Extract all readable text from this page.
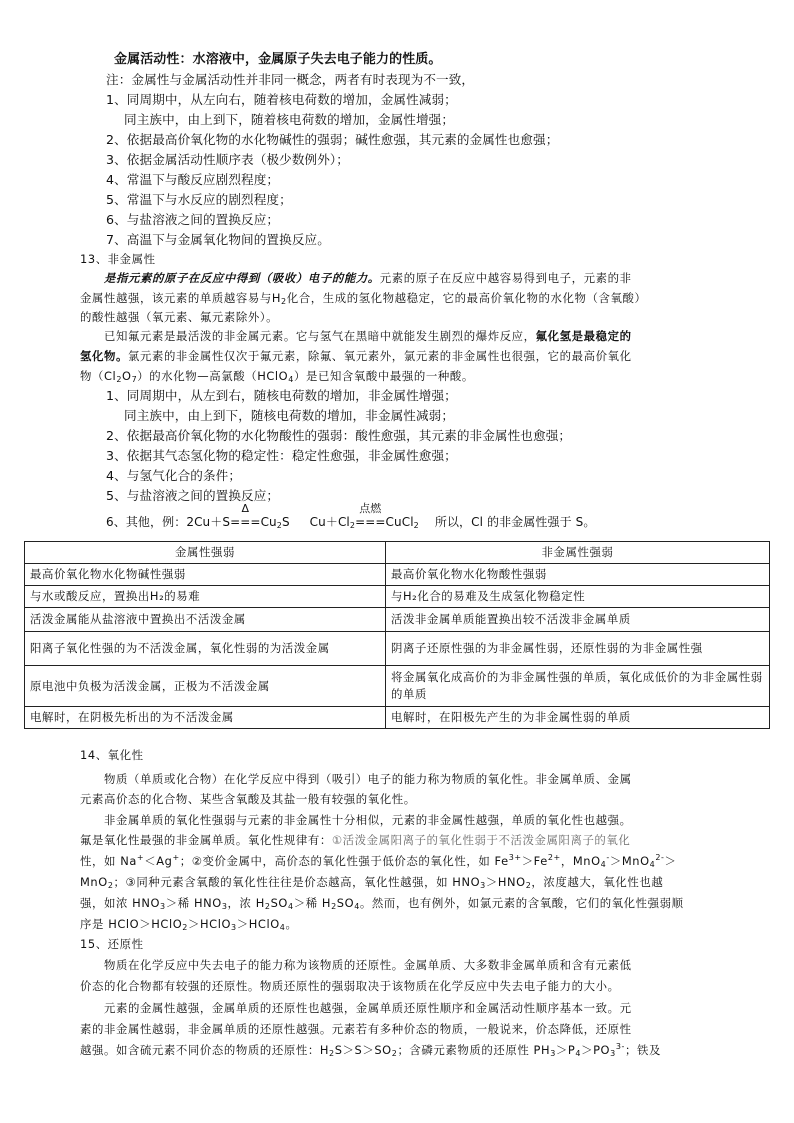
金属活动性：水溶液中，金属原子失去电子能力的性质。
注：金属性与金属活动性并非同一概念，两者有时表现为不一致，
1、同周期中，从左向右，随着核电荷数的增加，金属性减弱；
同主族中，由上到下，随着核电荷数的增加，金属性增强；
2、依据最高价氧化物的水化物碱性的强弱；碱性愈强，其元素的金属性也愈强；
3、依据金属活动性顺序表（极少数例外）；
4、常温下与酸反应剧烈程度；
5、常温下与水反应的剧烈程度；
6、与盐溶液之间的置换反应；
7、高温下与金属氧化物间的置换反应。
13、非金属性
是指元素的原子在反应中得到（吸收）电子的能力。元素的原子在反应中越容易得到电子，元素的非
金属性越强，该元素的单质越容易与$H_2$化合，生成的氢化物越稳定，它的最高价氧化物的水化物（含氧酸）
的酸性越强（氧元素、氟元素除外）。
已知氟元素是最活泼的非金属元素。它与氢气在黑暗中就能发生剧烈的爆炸反应，氟化氢是最稳定的
氢化物。氯元素的非金属性仅次于氟元素，除氟、氧元素外，氯元素的非金属性也很强，它的最高价氧化
物$(Cl_2O_7)$的水化物—高氯酸（HClO$_4$）是已知含氧酸中最强的一种酸。
1、同周期中，从左到右，随核电荷数的增加，非金属性增强；
同主族中，由上到下，随核电荷数的增加，非金属性减弱；
2、依据最高价氧化物的水化物酸性的强弱：酸性愈强，其元素的非金属性也愈强；
3、依据其气态氢化物的稳定性：稳定性愈强，非金属性愈强；
4、与氢气化合的条件；
5、与盐溶液之间的置换反应；
6、其他，例：2Cu＋S
Δ
$===Cu_2S$ $Cu+Cl_2$
点燃
===CuCl$_2$ 所以，Cl 的非金属性强于 S。
金属性强弱	非金属性强弱
最高价氧化物水化物碱性强弱	最高价氧化物水化物酸性强弱
与水或酸反应，置换出H₂的易难	与H₂化合的易难及生成氢化物稳定性
活泼金属能从盐溶液中置换出不活泼金属	活泼非金属单质能置换出较不活泼非金属单质
阳离子氧化性强的为不活泼金属，氧化性弱的为活泼金属	阴离子还原性强的为非金属性弱，还原性弱的为非金属性强
原电池中负极为活泼金属，正极为不活泼金属	将金属氧化成高价的为非金属性强的单质，氧化成低价的为非金属性弱的单质
电解时，在阴极先析出的为不活泼金属	电解时，在阳极先产生的为非金属性弱的单质
14、氧化性
物质（单质或化合物）在化学反应中得到（吸引）电子的能力称为物质的氧化性。非金属单质、金属
元素高价态的化合物、某些含氧酸及其盐一般有较强的氧化性。
非金属单质的氧化性强弱与元素的非金属性十分相似，元素的非金属性越强，单质的氧化性也越强。
氟是氧化性最强的非金属单质。氧化性规律有：①活泼金属阳离子的氧化性弱于不活泼金属阳离子的氧化
性，如 Na+＜Ag+；②变价金属中，高价态的氧化性强于低价态的氧化性，如 $Fe^{3+}>Fe^{2+}$，MnO$_4$-＞MnO$_4^{2-}$＞
MnO$_2$；③同种元素含氧酸的氧化性往往是价态越高，氧化性越强，如 $HNO_3>HNO_2$，浓度越大，氧化性也越
强，如浓 $HNO_3>$稀 $HNO_3$，浓 $H_2SO_4>$稀 $H_2SO_4$。然而，也有例外，如氯元素的含氧酸，它们的氧化性强弱顺
序是 HClO＞HClO$_2$＞HClO$_3$＞HClO$_4$。
15、还原性
物质在化学反应中失去电子的能力称为该物质的还原性。金属单质、大多数非金属单质和含有元素低
价态的化合物都有较强的还原性。物质还原性的强弱取决于该物质在化学反应中失去电子能力的大小。
元素的金属性越强，金属单质的还原性也越强，金属单质还原性顺序和金属活动性顺序基本一致。元
素的非金属性越弱，非金属单质的还原性越强。元素若有多种价态的物质，一般说来，价态降低，还原性
越强。如含硫元素不同价态的物质的还原性：$H_2S>S>SO_2$；含磷元素物质的还原性 $PH_3>P_4>PO_3^{3-}$；铁及
